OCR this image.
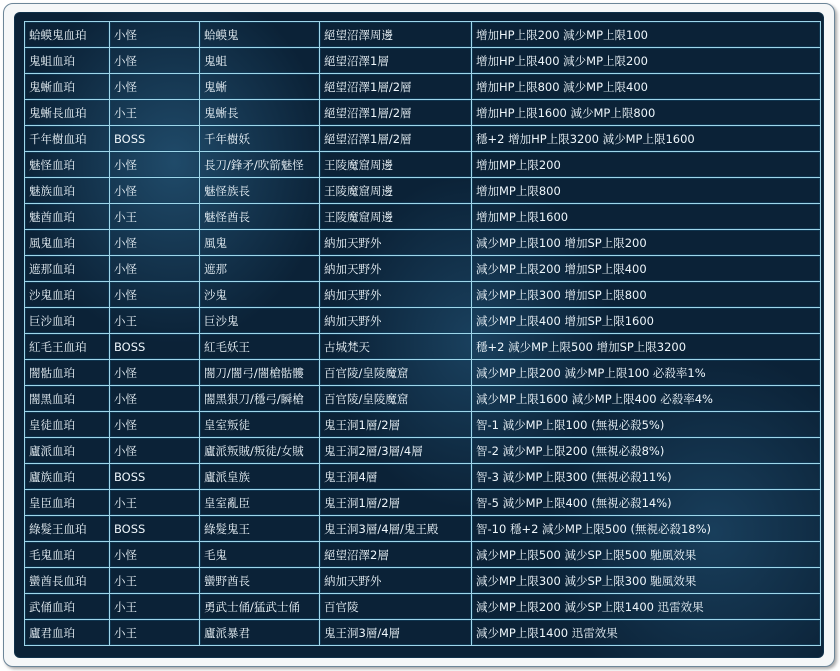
蛤蟆鬼血珀	小怪	蛤蟆鬼	絕望沼澤周邊	增加HP上限200 減少MP上限100
鬼蛆血珀	小怪	鬼蛆	絕望沼澤1層	增加HP上限400 減少MP上限200
鬼蜥血珀	小怪	鬼蜥	絕望沼澤1層/2層	增加HP上限800 減少MP上限400
鬼蜥長血珀	小王	鬼蜥長	絕望沼澤1層/2層	增加HP上限1600 減少MP上限800
千年樹血珀	BOSS	千年樹妖	絕望沼澤1層/2層	穩+2 增加HP上限3200 減少MP上限1600
魅怪血珀	小怪	長刀/鋒矛/吹箭魅怪	王陵魔窟周邊	增加MP上限200
魅族血珀	小怪	魅怪族長	王陵魔窟周邊	增加MP上限800
魅酋血珀	小王	魅怪酋長	王陵魔窟周邊	增加MP上限1600
風鬼血珀	小怪	風鬼	納加天野外	減少MP上限100 增加SP上限200
遮那血珀	小怪	遮那	納加天野外	減少MP上限200 增加SP上限400
沙鬼血珀	小怪	沙鬼	納加天野外	減少MP上限300 增加SP上限800
巨沙血珀	小王	巨沙鬼	納加天野外	減少MP上限400 增加SP上限1600
紅毛王血珀	BOSS	紅毛妖王	古城梵天	穩+2 減少MP上限500 增加SP上限3200
闇骷血珀	小怪	闇刀/闇弓/闇槍骷髏	百官陵/皇陵魔窟	減少MP上限200 減少MP上限100 必殺率1%
闇黑血珀	小怪	闇黑狠刀/穩弓/瞬槍	百官陵/皇陵魔窟	減少MP上限1600 減少MP上限400 必殺率4%
皇徒血珀	小怪	皇室叛徒	鬼王洞1層/2層	智-1 減少MP上限100 (無視必殺5%)
廬派血珀	小怪	廬派叛賊/叛徒/女賊	鬼王洞2層/3層/4層	智-2 減少MP上限200 (無視必殺8%)
廬族血珀	BOSS	廬派皇族	鬼王洞4層	智-3 減少MP上限300 (無視必殺11%)
皇臣血珀	小王	皇室亂臣	鬼王洞1層/2層	智-5 減少MP上限400 (無視必殺14%)
綠髮王血珀	BOSS	綠髮鬼王	鬼王洞3層/4層/鬼王殿	智-10 穩+2 減少MP上限500 (無視必殺18%)
毛鬼血珀	小怪	毛鬼	絕望沼澤2層	減少MP上限500 減少SP上限500 馳風效果
蠻酋長血珀	小王	蠻野酋長	納加天野外	減少MP上限300 減少SP上限300 馳風效果
武俑血珀	小王	勇武士俑/猛武士俑	百官陵	減少MP上限200 減少SP上限1400 迅雷效果
廬君血珀	小王	廬派暴君	鬼王洞3層/4層	減少MP上限1400 迅雷效果
